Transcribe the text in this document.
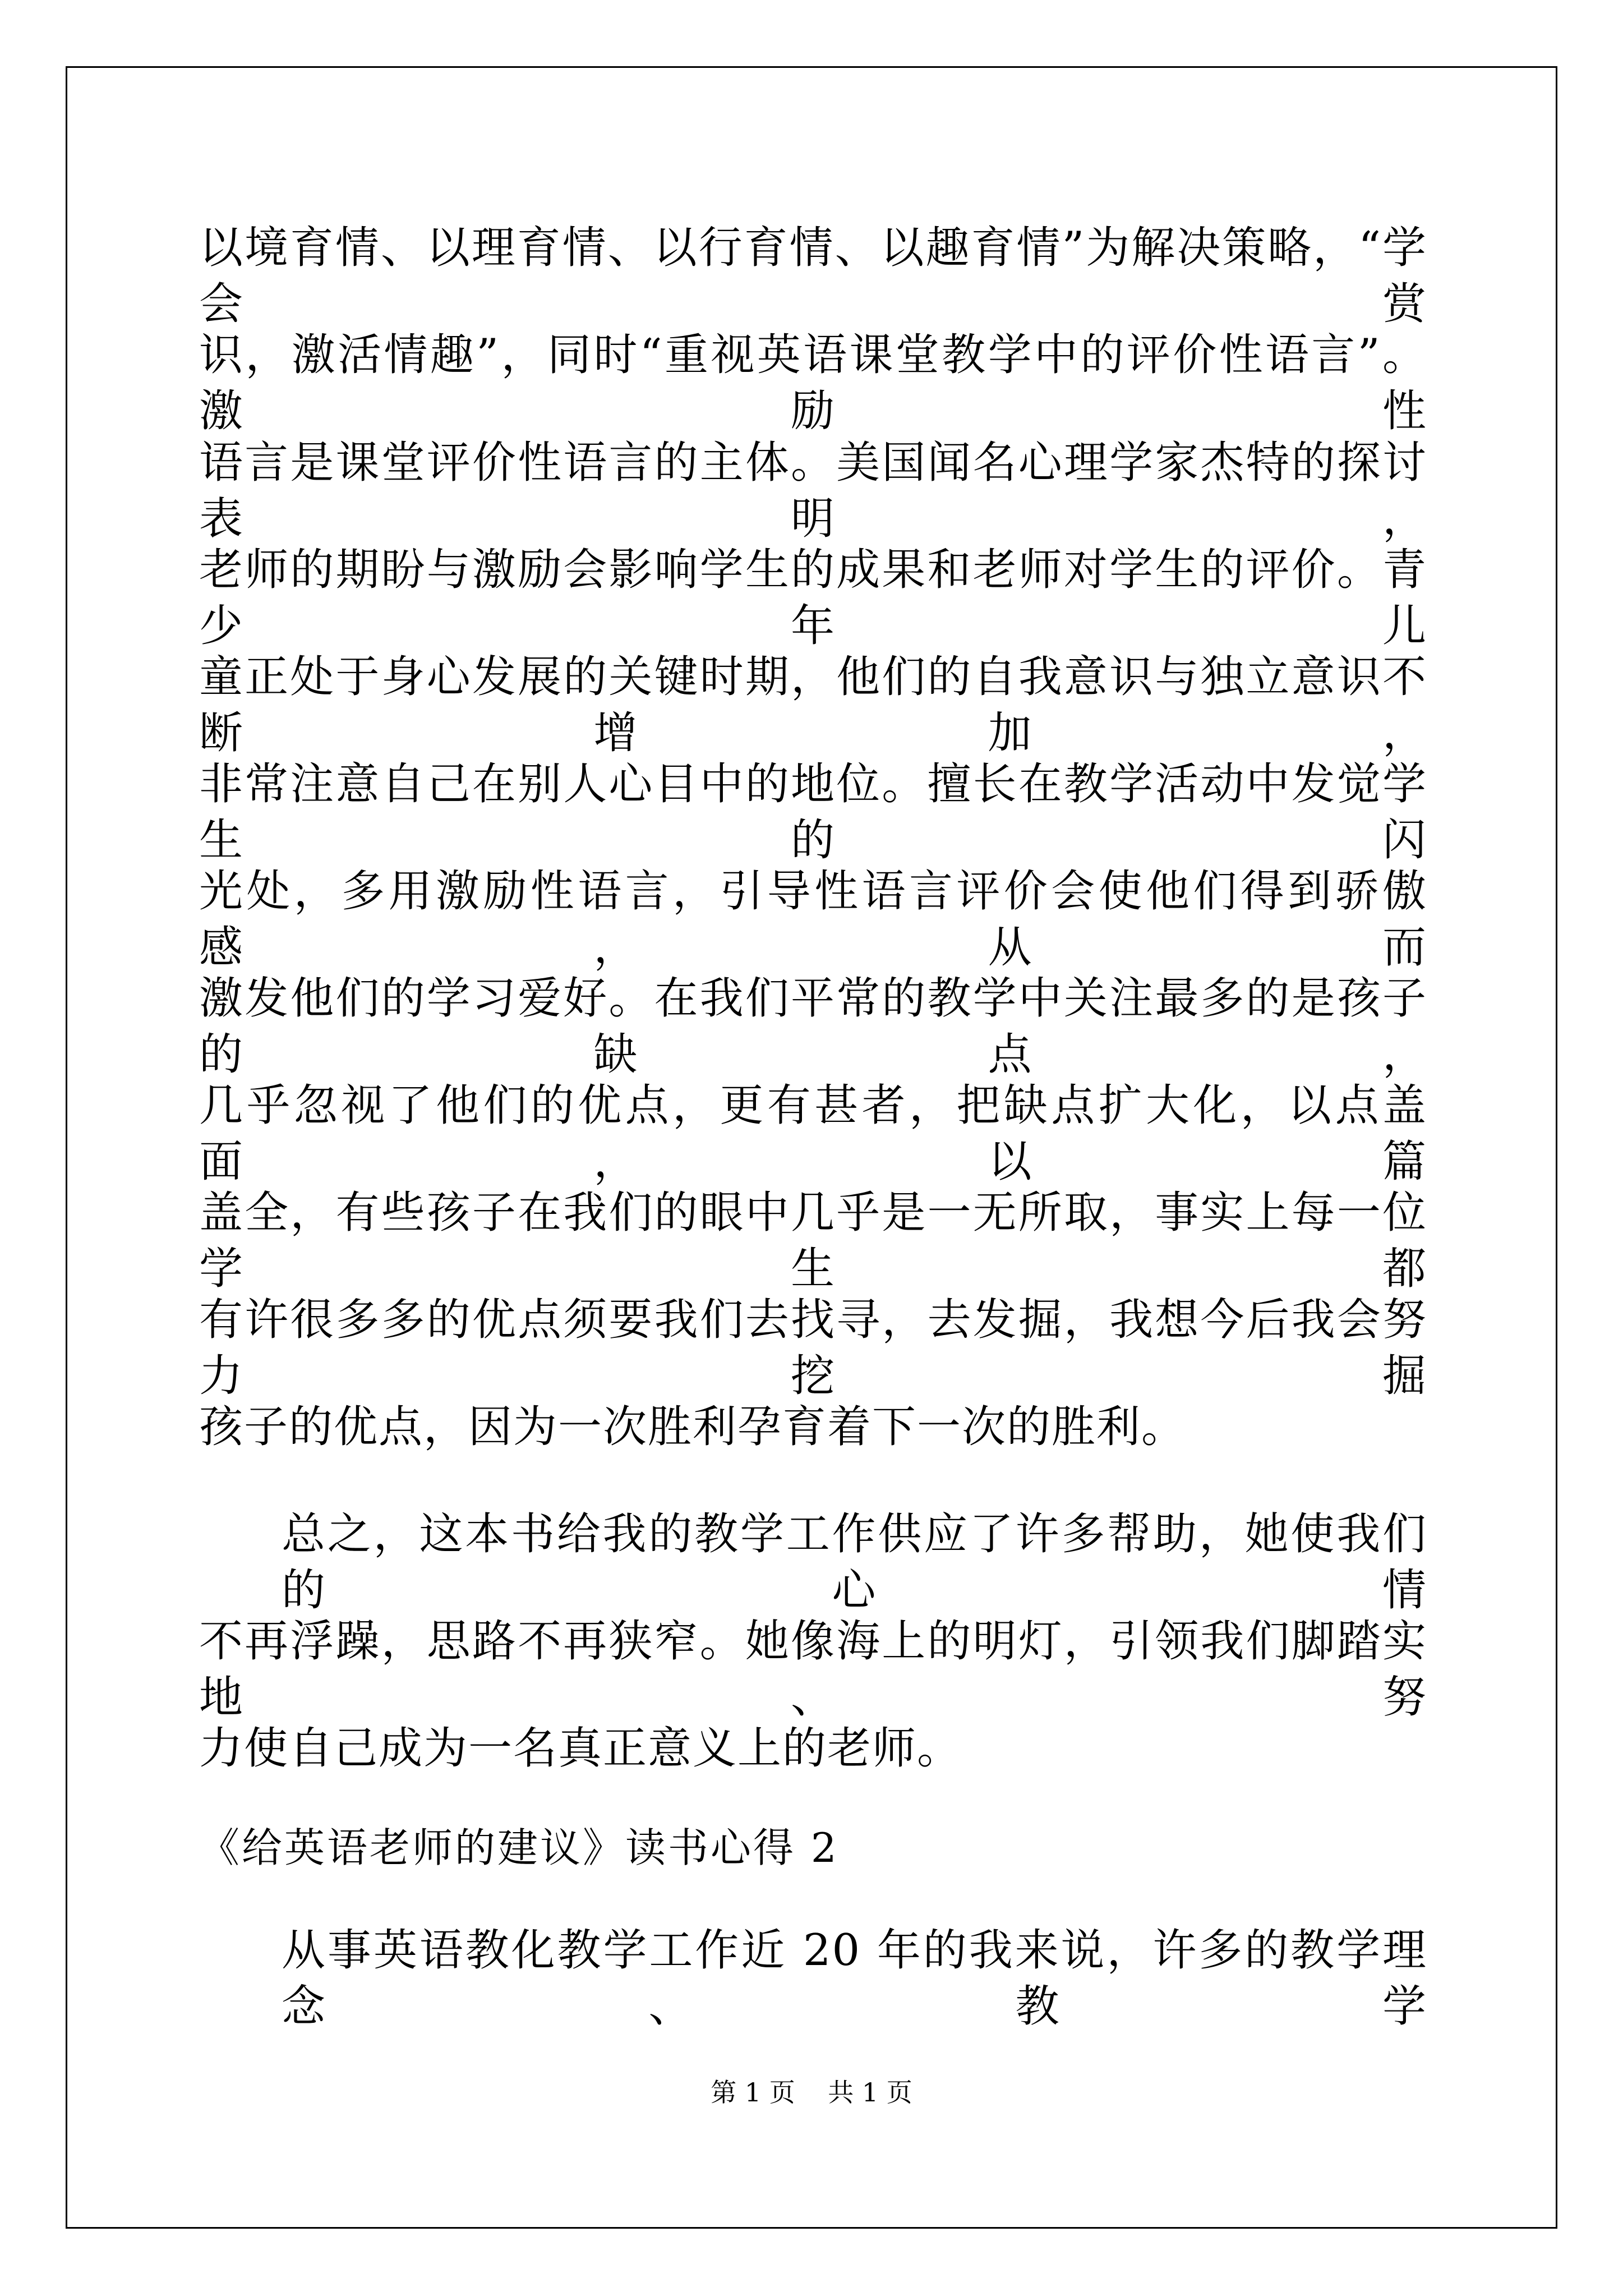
以境育情、以理育情、以行育情、以趣育情”为解决策略，“学会赏
识，激活情趣”，同时“重视英语课堂教学中的评价性语言”。激励性
语言是课堂评价性语言的主体。美国闻名心理学家杰特的探讨表明，
老师的期盼与激励会影响学生的成果和老师对学生的评价。青少年儿
童正处于身心发展的关键时期，他们的自我意识与独立意识不断增加，
非常注意自己在别人心目中的地位。擅长在教学活动中发觉学生的闪
光处，多用激励性语言，引导性语言评价会使他们得到骄傲感，从而
激发他们的学习爱好。在我们平常的教学中关注最多的是孩子的缺点，
几乎忽视了他们的优点，更有甚者，把缺点扩大化，以点盖面，以篇
盖全，有些孩子在我们的眼中几乎是一无所取，事实上每一位学生都
有许很多多的优点须要我们去找寻，去发掘，我想今后我会努力挖掘
孩子的优点，因为一次胜利孕育着下一次的胜利。
总之，这本书给我的教学工作供应了许多帮助，她使我们的心情
不再浮躁，思路不再狭窄。她像海上的明灯，引领我们脚踏实地、努
力使自己成为一名真正意义上的老师。
《给英语老师的建议》读书心得 2
从事英语教化教学工作近 20 年的我来说，许多的教学理念、教学
第 1 页 共 1 页
